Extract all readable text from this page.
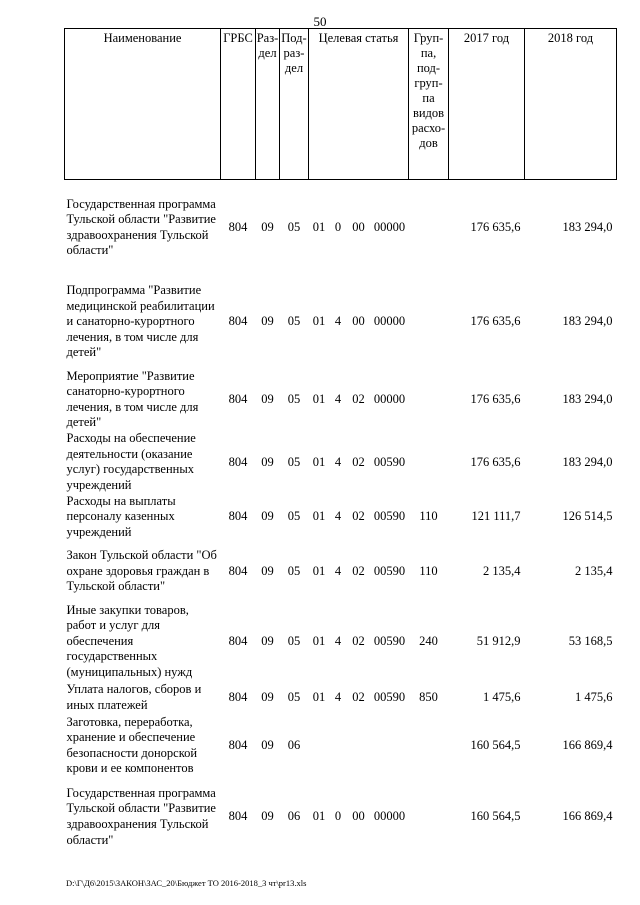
50
Наименование	ГРБС	Раз-дел	Под-раз-дел	Целевая статья				Груп-па, под-груп-па видов расхо-дов	2017 год	2018 год
Государственная программа Тульской области "Развитие здравоохранения Тульской области"	804	09	05	01	0	00	00000		176 635,6	183 294,0
Подпрограмма "Развитие медицинской реабилитации и санаторно-курортного лечения, в том числе для детей"	804	09	05	01	4	00	00000		176 635,6	183 294,0
Мероприятие "Развитие санаторно-курортного лечения, в том числе для детей"	804	09	05	01	4	02	00000		176 635,6	183 294,0
Расходы на обеспечение деятельности (оказание услуг) государственных учреждений	804	09	05	01	4	02	00590		176 635,6	183 294,0
Расходы на выплаты персоналу казенных учреждений	804	09	05	01	4	02	00590	110	121 111,7	126 514,5
Закон Тульской области "Об охране здоровья граждан в Тульской области"	804	09	05	01	4	02	00590	110	2 135,4	2 135,4
Иные закупки товаров, работ и услуг для обеспечения государственных (муниципальных) нужд	804	09	05	01	4	02	00590	240	51 912,9	53 168,5
Уплата налогов, сборов и иных платежей	804	09	05	01	4	02	00590	850	1 475,6	1 475,6
Заготовка, переработка, хранение и обеспечение безопасности донорской крови и ее компонентов	804	09	06						160 564,5	166 869,4
Государственная программа Тульской области "Развитие здравоохранения Тульской области"	804	09	06	01	0	00	00000		160 564,5	166 869,4
D:\Г\Д6\2015\ЗАКОН\ЗАС_20\Бюджет ТО 2016-2018_3 чт\pr13.xls
